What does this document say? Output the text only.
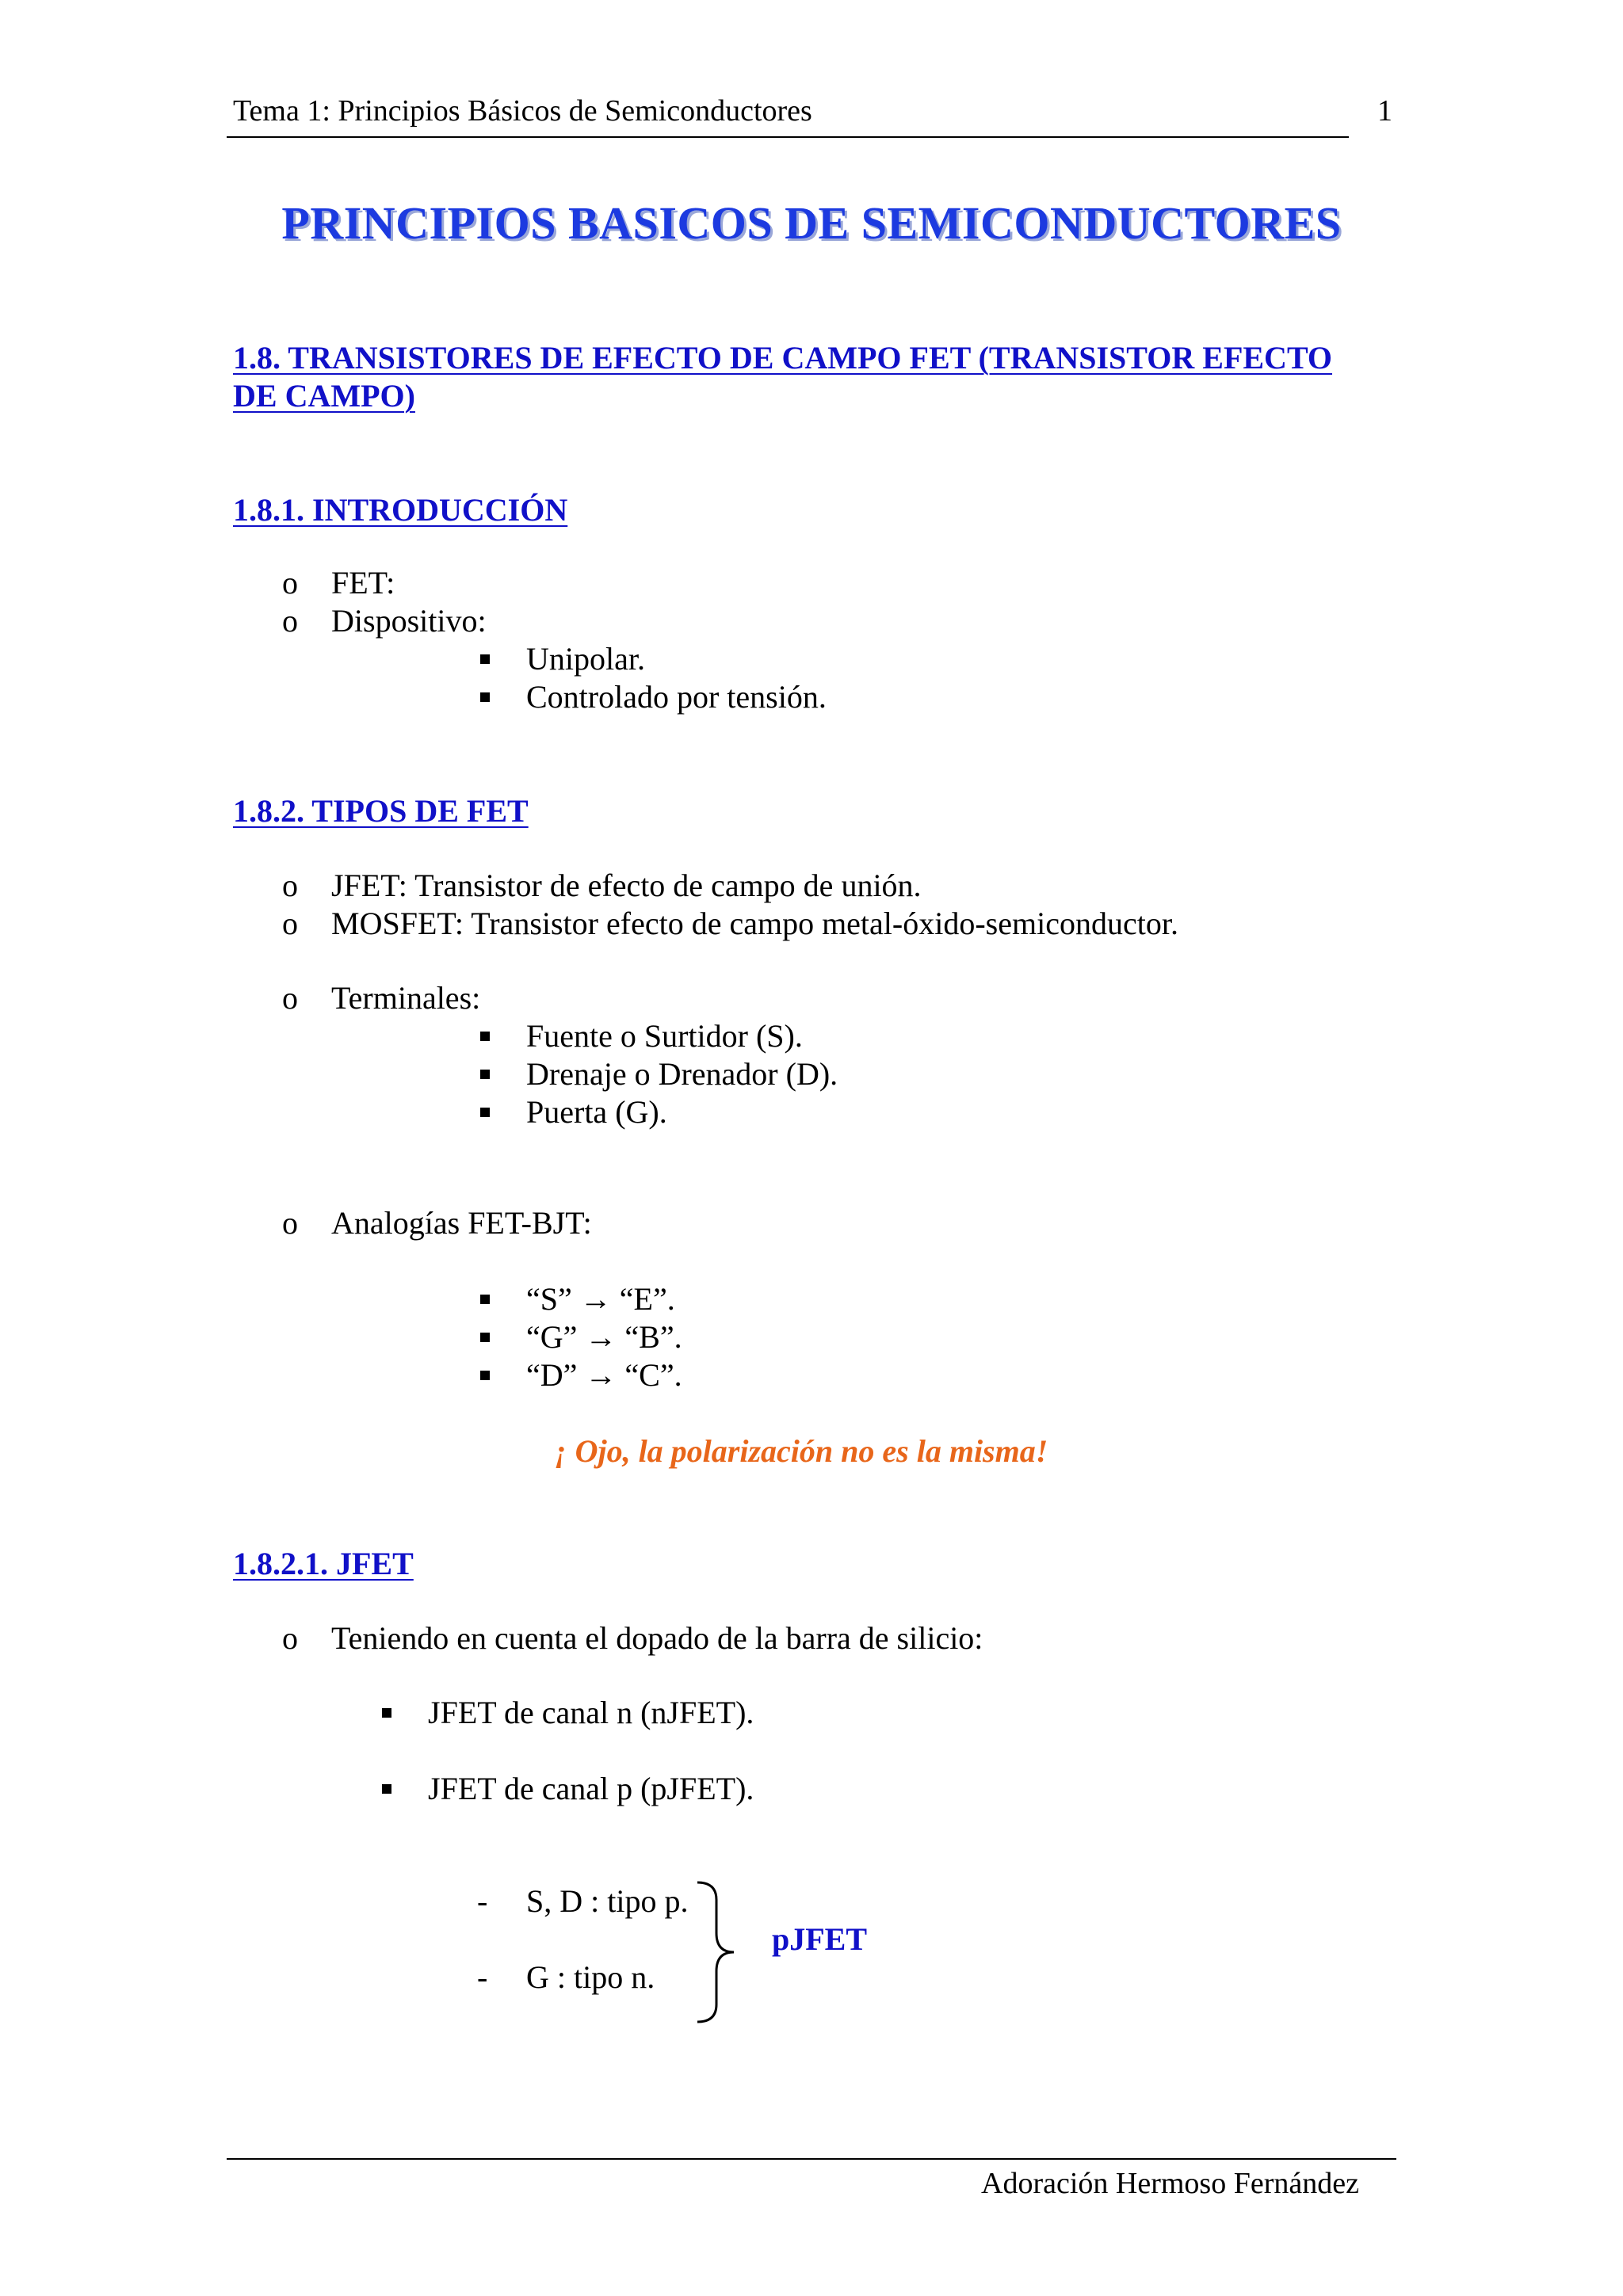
Tema 1: Principios Básicos de Semiconductores	1
PRINCIPIOS BASICOS DE SEMICONDUCTORES
1.8. TRANSISTORES DE EFECTO DE CAMPO FET (TRANSISTOR EFECTO
DE CAMPO)
1.8.1. INTRODUCCIÓN
o FET:
o Dispositivo:
Unipolar.
Controlado por tensión.
1.8.2. TIPOS DE FET
o JFET: Transistor de efecto de campo de unión.
o MOSFET: Transistor efecto de campo metal-óxido-semiconductor.
o Terminales:
Fuente o Surtidor (S).
Drenaje o Drenador (D).
Puerta (G).
o Analogías FET-BJT:
“S” → “E”.
“G” → “B”.
“D” → “C”.
¡ Ojo, la polarización no es la misma!
1.8.2.1. JFET
o Teniendo en cuenta el dopado de la barra de silicio:
JFET de canal n (nJFET).
JFET de canal p (pJFET).
- S, D : tipo p.
- G : tipo n.
pJFET
Adoración Hermoso Fernández
